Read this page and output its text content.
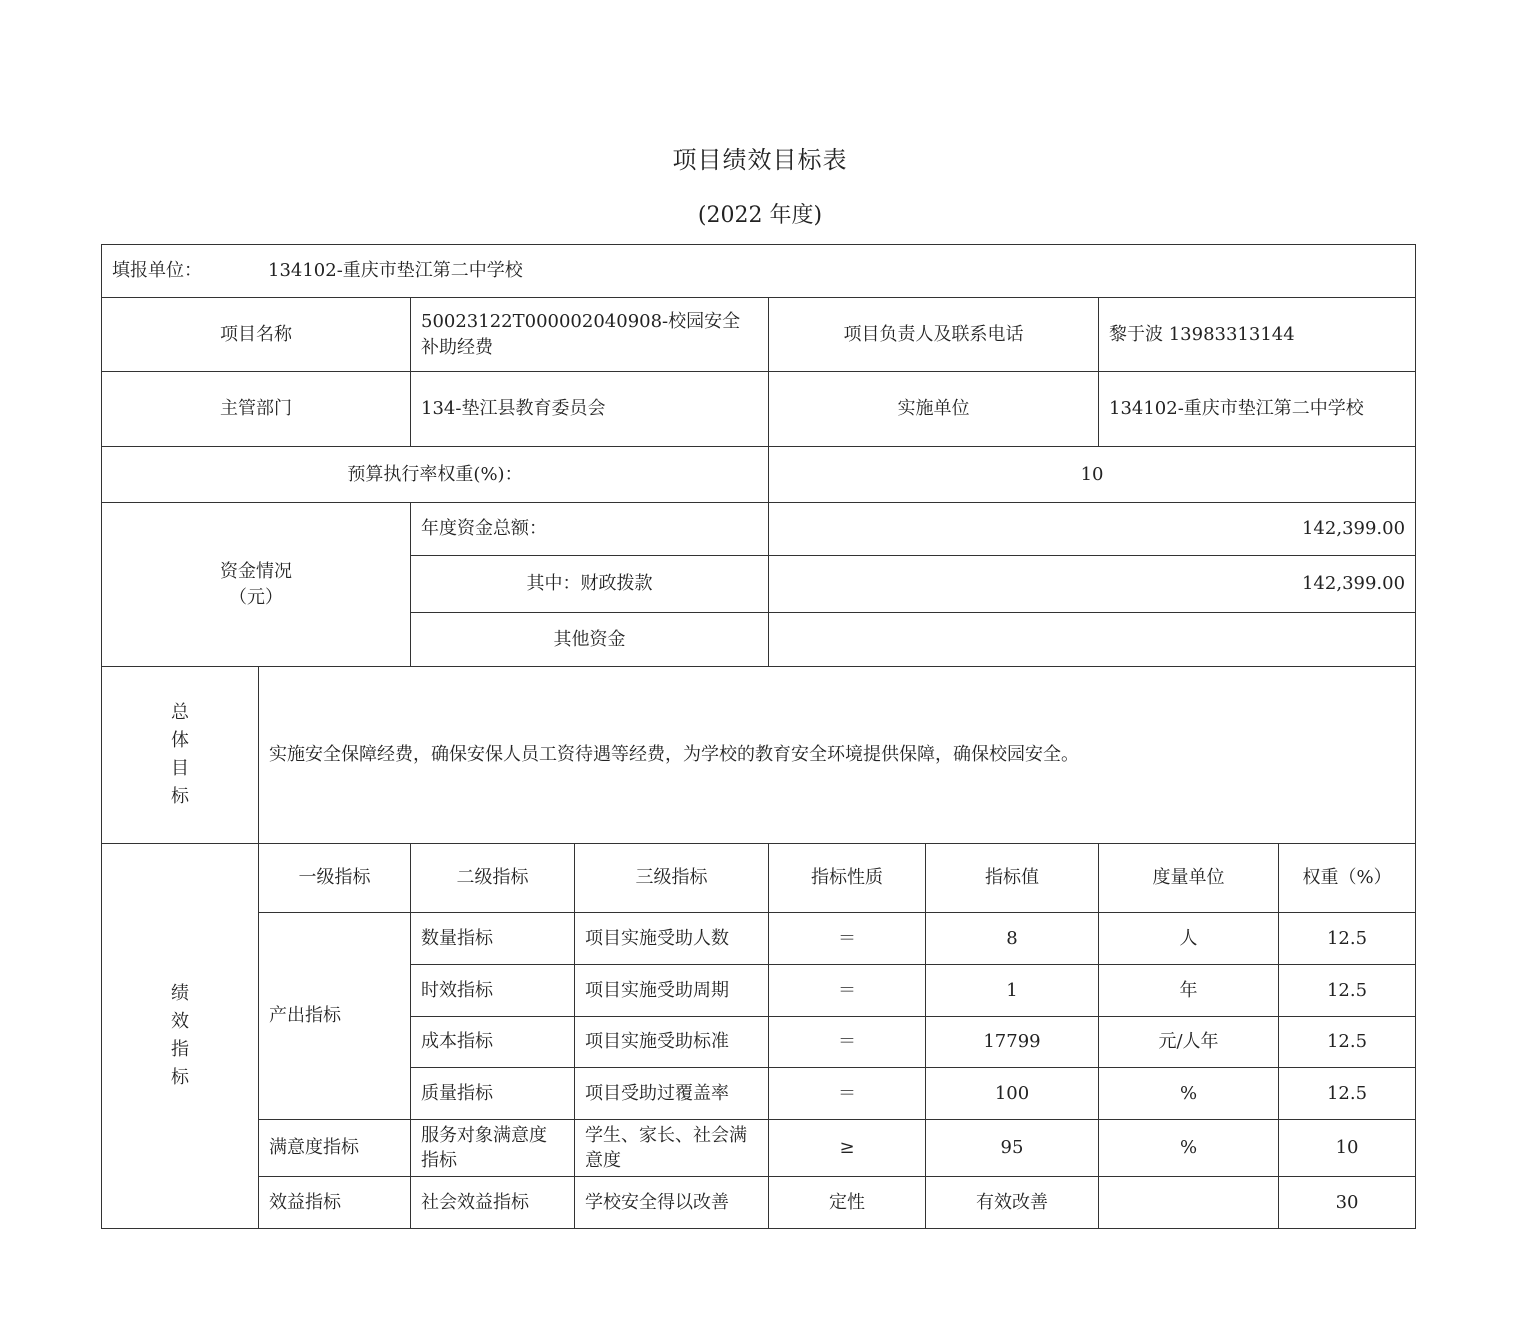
项目绩效目标表
(2022 年度)
填报单位： 134102-重庆市垫江第二中学校							
项目名称		50023122T000002040908-校园安全补助经费		项目负责人及联系电话		黎于波 13983313144	
主管部门		134-垫江县教育委员会		实施单位		134102-重庆市垫江第二中学校	
预算执行率权重(%)：				10			

资金情况
（元）		年度资金总额：		142,399.00			
		其中：财政拨款		142,399.00			
		其他资金					

总
体
目
标	实施安全保障经费，确保安保人员工资待遇等经费，为学校的教育安全环境提供保障，确保校园安全。						

绩
效
指
标	一级指标	二级指标	三级指标	指标性质	指标值	度量单位	权重（%）
	产出指标	数量指标	项目实施受助人数	＝	8	人	12.5
		时效指标	项目实施受助周期	＝	1	年	12.5
		成本指标	项目实施受助标准	＝	17799	元/人年	12.5
		质量指标	项目受助过覆盖率	＝	100	%	12.5
	满意度指标	服务对象满意度指标	学生、家长、社会满意度	≥	95	%	10
	效益指标	社会效益指标	学校安全得以改善	定性	有效改善		30
